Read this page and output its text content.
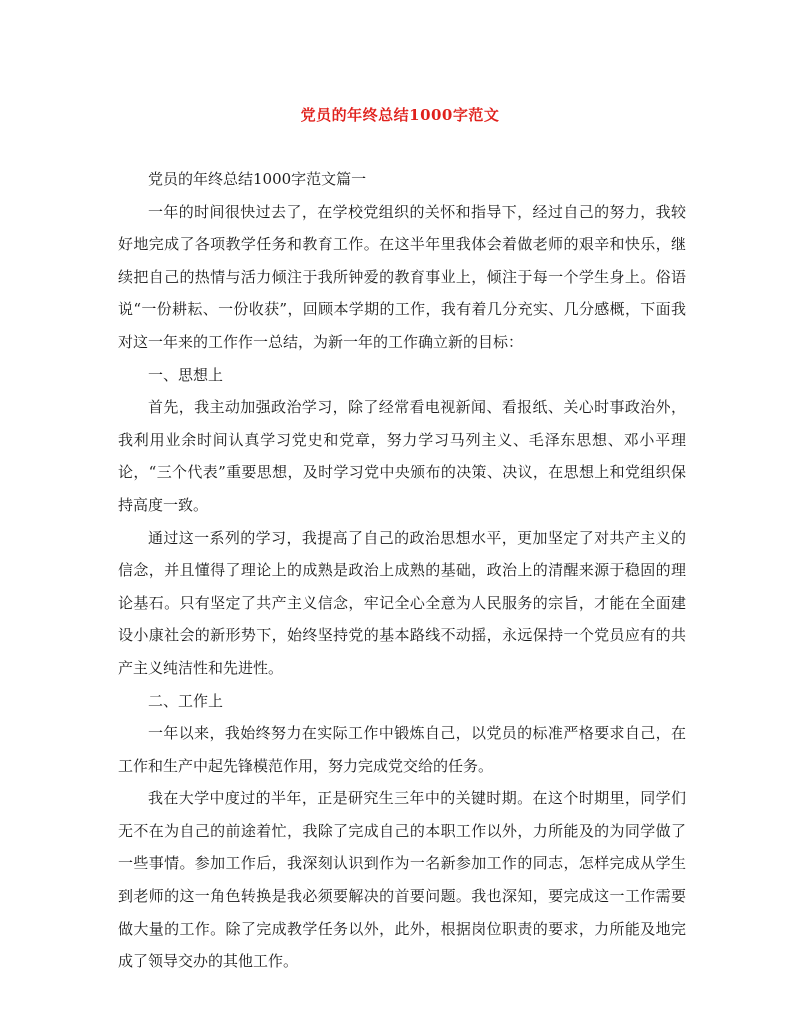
党员的年终总结1000字范文

党员的年终总结1000字范文篇一

一年的时间很快过去了，在学校党组织的关怀和指导下，经过自己的努力，我较好地完成了各项教学任务和教育工作。在这半年里我体会着做老师的艰辛和快乐，继续把自己的热情与活力倾注于我所钟爱的教育事业上，倾注于每一个学生身上。俗语说“一份耕耘、一份收获”，回顾本学期的工作，我有着几分充实、几分感概，下面我对这一年来的工作作一总结，为新一年的工作确立新的目标：

一、思想上

首先，我主动加强政治学习，除了经常看电视新闻、看报纸、关心时事政治外，我利用业余时间认真学习党史和党章，努力学习马列主义、毛泽东思想、邓小平理论，“三个代表”重要思想，及时学习党中央颁布的决策、决议，在思想上和党组织保持高度一致。

通过这一系列的学习，我提高了自己的政治思想水平，更加坚定了对共产主义的信念，并且懂得了理论上的成熟是政治上成熟的基础，政治上的清醒来源于稳固的理论基石。只有坚定了共产主义信念，牢记全心全意为人民服务的宗旨，才能在全面建设小康社会的新形势下，始终坚持党的基本路线不动摇，永远保持一个党员应有的共产主义纯洁性和先进性。

二、工作上

一年以来，我始终努力在实际工作中锻炼自己，以党员的标准严格要求自己，在工作和生产中起先锋模范作用，努力完成党交给的任务。

我在大学中度过的半年，正是研究生三年中的关键时期。在这个时期里，同学们无不在为自己的前途着忙，我除了完成自己的本职工作以外，力所能及的为同学做了一些事情。参加工作后，我深刻认识到作为一名新参加工作的同志，怎样完成从学生到老师的这一角色转换是我必须要解决的首要问题。我也深知，要完成这一工作需要做大量的工作。除了完成教学任务以外，此外，根据岗位职责的要求，力所能及地完成了领导交办的其他工作。
